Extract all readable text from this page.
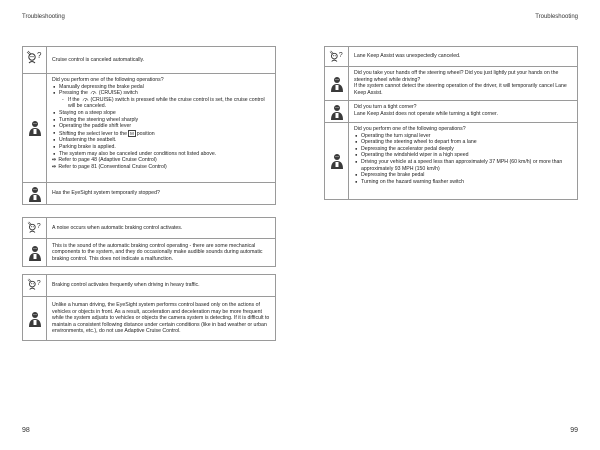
Troubleshooting	Troubleshooting
Cruise control is canceled automatically.
Did you perform one of the following operations?
● Manually depressing the brake pedal
● Pressing the (CRUISE) switch
- If the (CRUISE) switch is pressed while the cruise control is set, the cruise control will be canceled.
● Staying on a steep slope
● Turning the steering wheel sharply
● Operating the paddle shift lever
● Shifting the select lever to the M position
● Unfastening the seatbelt.
● Parking brake is applied.
● The system may also be canceled under conditions not listed above.
⇨ Refer to page 48 (Adaptive Cruise Control)
⇨ Refer to page 81 (Conventional Cruise Control)
Has the EyeSight system temporarily stopped?
A noise occurs when automatic braking control activates.
This is the sound of the automatic braking control operating - there are some mechanical components to the system, and they do occasionally make audible sounds during automatic braking control. This does not indicate a malfunction.
Braking control activates frequently when driving in heavy traffic.
Unlike a human driving, the EyeSight system performs control based only on the actions of vehicles or objects in front. As a result, acceleration and deceleration may be more frequent while the system adjusts to vehicles or objects the camera system is detecting. If it is difficult to maintain a consistent following distance under certain conditions (like in bad weather or urban environments, etc.), do not use Adaptive Cruise Control.
Lane Keep Assist was unexpectedly canceled.
Did you take your hands off the steering wheel? Did you just lightly put your hands on the steering wheel while driving?
If the system cannot detect the steering operation of the driver, it will temporarily cancel Lane Keep Assist.
Did you turn a tight corner?
Lane Keep Assist does not operate while turning a tight corner.
Did you perform one of the following operations?
● Operating the turn signal lever
● Operating the steering wheel to depart from a lane
● Depressing the accelerator pedal deeply
● Operating the windshield wiper in a high speed
● Driving your vehicle at a speed less than approximately 37 MPH (60 km/h) or more than approximately 93 MPH (150 km/h)
● Depressing the brake pedal
● Turning on the hazard warning flasher switch
98	99
